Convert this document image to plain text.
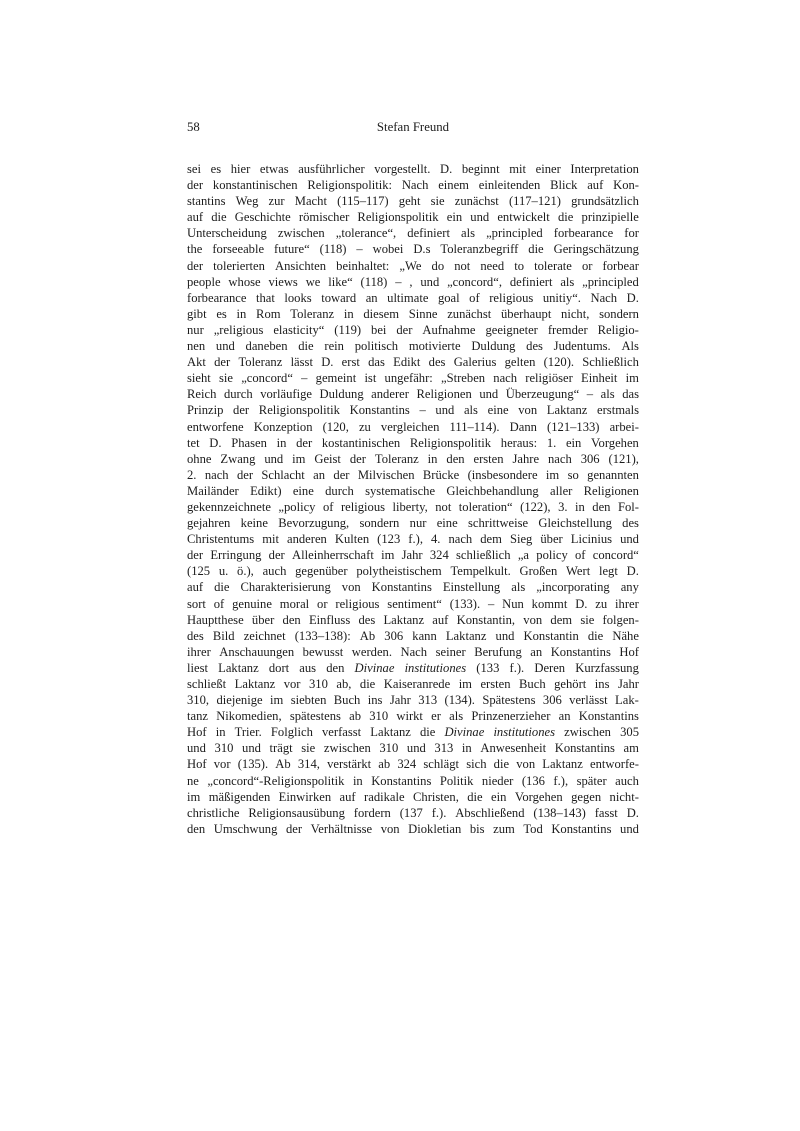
58	Stefan Freund
sei es hier etwas ausführlicher vorgestellt. D. beginnt mit einer Interpretation
der konstantinischen Religionspolitik: Nach einem einleitenden Blick auf Kon-
stantins Weg zur Macht (115–117) geht sie zunächst (117–121) grundsätzlich
auf die Geschichte römischer Religionspolitik ein und entwickelt die prinzipielle
Unterscheidung zwischen „tolerance“, definiert als „principled forbearance for
the forseeable future“ (118) – wobei D.s Toleranzbegriff die Geringschätzung
der tolerierten Ansichten beinhaltet: „We do not need to tolerate or forbear
people whose views we like“ (118) – , und „concord“, definiert als „principled
forbearance that looks toward an ultimate goal of religious unitiy“. Nach D.
gibt es in Rom Toleranz in diesem Sinne zunächst überhaupt nicht, sondern
nur „religious elasticity“ (119) bei der Aufnahme geeigneter fremder Religio-
nen und daneben die rein politisch motivierte Duldung des Judentums. Als
Akt der Toleranz lässt D. erst das Edikt des Galerius gelten (120). Schließlich
sieht sie „concord“ – gemeint ist ungefähr: „Streben nach religiöser Einheit im
Reich durch vorläufige Duldung anderer Religionen und Überzeugung“ – als das
Prinzip der Religionspolitik Konstantins – und als eine von Laktanz erstmals
entworfene Konzeption (120, zu vergleichen 111–114). Dann (121–133) arbei-
tet D. Phasen in der kostantinischen Religionspolitik heraus: 1. ein Vorgehen
ohne Zwang und im Geist der Toleranz in den ersten Jahre nach 306 (121),
2. nach der Schlacht an der Milvischen Brücke (insbesondere im so genannten
Mailänder Edikt) eine durch systematische Gleichbehandlung aller Religionen
gekennzeichnete „policy of religious liberty, not toleration“ (122), 3. in den Fol-
gejahren keine Bevorzugung, sondern nur eine schrittweise Gleichstellung des
Christentums mit anderen Kulten (123 f.), 4. nach dem Sieg über Licinius und
der Erringung der Alleinherrschaft im Jahr 324 schließlich „a policy of concord“
(125 u. ö.), auch gegenüber polytheistischem Tempelkult. Großen Wert legt D.
auf die Charakterisierung von Konstantins Einstellung als „incorporating any
sort of genuine moral or religious sentiment“ (133). – Nun kommt D. zu ihrer
Hauptthese über den Einfluss des Laktanz auf Konstantin, von dem sie folgen-
des Bild zeichnet (133–138): Ab 306 kann Laktanz und Konstantin die Nähe
ihrer Anschauungen bewusst werden. Nach seiner Berufung an Konstantins Hof
liest Laktanz dort aus den Divinae institutiones (133 f.). Deren Kurzfassung
schließt Laktanz vor 310 ab, die Kaiseranrede im ersten Buch gehört ins Jahr
310, diejenige im siebten Buch ins Jahr 313 (134). Spätestens 306 verlässt Lak-
tanz Nikomedien, spätestens ab 310 wirkt er als Prinzenerzieher an Konstantins
Hof in Trier. Folglich verfasst Laktanz die Divinae institutiones zwischen 305
und 310 und trägt sie zwischen 310 und 313 in Anwesenheit Konstantins am
Hof vor (135). Ab 314, verstärkt ab 324 schlägt sich die von Laktanz entworfe-
ne „concord“-Religionspolitik in Konstantins Politik nieder (136 f.), später auch
im mäßigenden Einwirken auf radikale Christen, die ein Vorgehen gegen nicht-
christliche Religionsausübung fordern (137 f.). Abschließend (138–143) fasst D.
den Umschwung der Verhältnisse von Diokletian bis zum Tod Konstantins und
